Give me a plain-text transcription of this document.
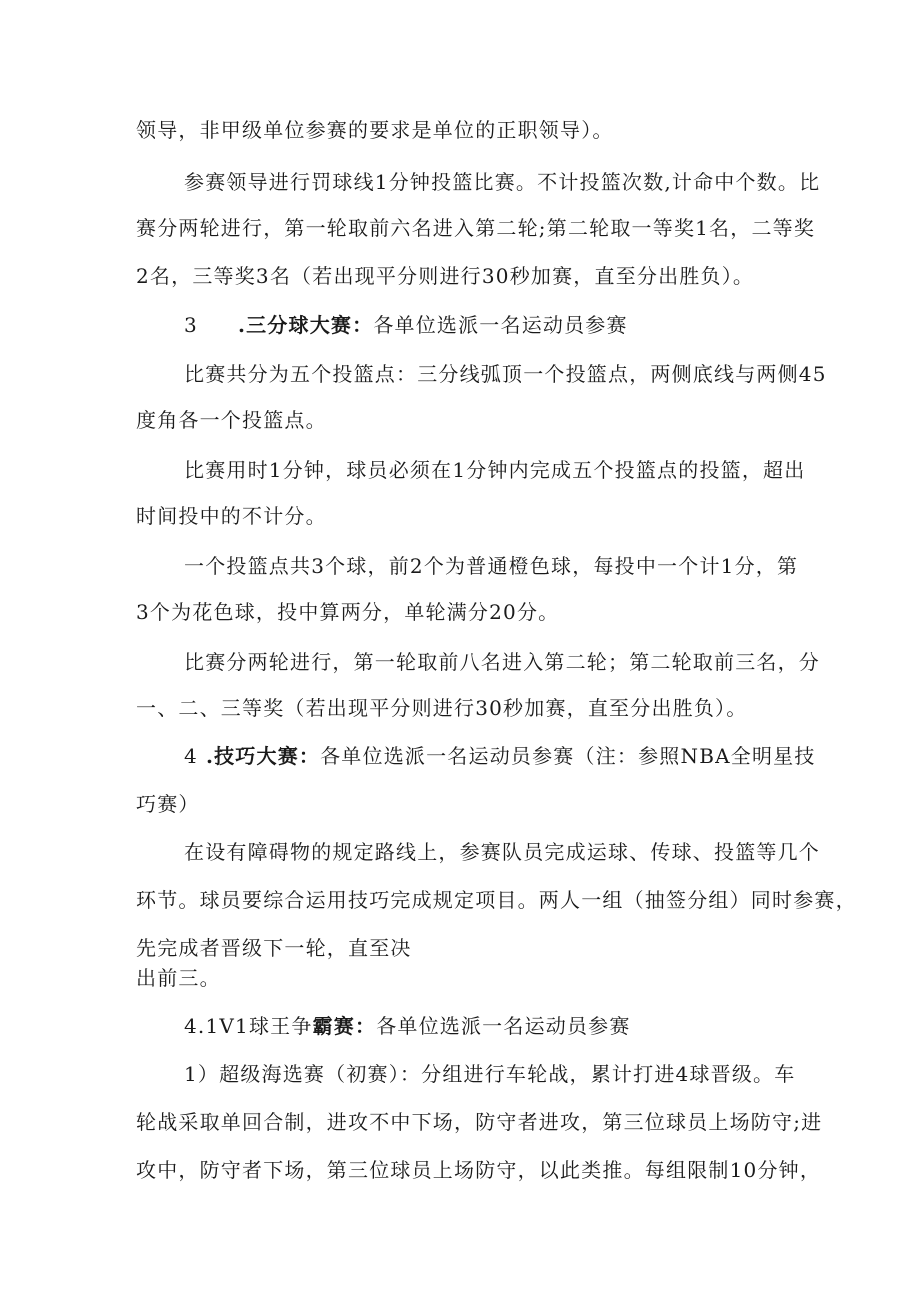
领导，非甲级单位参赛的要求是单位的正职领导）。
参赛领导进行罚球线1分钟投篮比赛。不计投篮次数,计命中个数。比
赛分两轮进行，第一轮取前六名进入第二轮;第二轮取一等奖1名，二等奖
2名，三等奖3名（若出现平分则进行30秒加赛，直至分出胜负）。
3 .三分球大赛：各单位选派一名运动员参赛
比赛共分为五个投篮点：三分线弧顶一个投篮点，两侧底线与两侧45
度角各一个投篮点。
比赛用时1分钟，球员必须在1分钟内完成五个投篮点的投篮，超出
时间投中的不计分。
一个投篮点共3个球，前2个为普通橙色球，每投中一个计1分，第
3个为花色球，投中算两分，单轮满分20分。
比赛分两轮进行，第一轮取前八名进入第二轮；第二轮取前三名，分
一、二、三等奖（若出现平分则进行30秒加赛，直至分出胜负）。
4 .技巧大赛：各单位选派一名运动员参赛（注：参照NBA全明星技
巧赛）
在设有障碍物的规定路线上，参赛队员完成运球、传球、投篮等几个
环节。球员要综合运用技巧完成规定项目。两人一组（抽签分组）同时参赛，
先完成者晋级下一轮，直至决
出前三。
4.1V1球王争霸赛：各单位选派一名运动员参赛
1）超级海选赛（初赛）：分组进行车轮战，累计打进4球晋级。车
轮战采取单回合制，进攻不中下场，防守者进攻，第三位球员上场防守;进
攻中，防守者下场，第三位球员上场防守，以此类推。每组限制10分钟，
